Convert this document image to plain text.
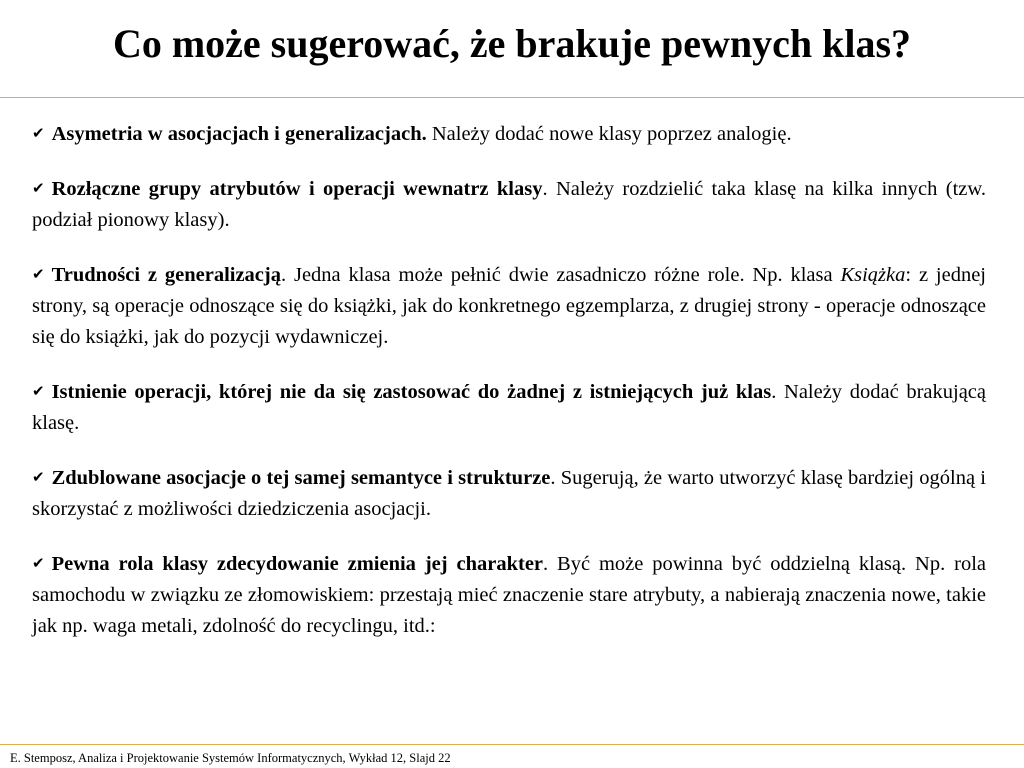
Co może sugerować, że brakuje pewnych klas?

✔ Asymetria w asocjacjach i generalizacjach. Należy dodać nowe klasy poprzez analogię.

✔ Rozłączne grupy atrybutów i operacji wewnatrz klasy. Należy rozdzielić taka klasę na kilka innych (tzw. podział pionowy klasy).

✔ Trudności z generalizacją. Jedna klasa może pełnić dwie zasadniczo różne role. Np. klasa Książka: z jednej strony, są operacje odnoszące się do książki, jak do konkretnego egzemplarza, z drugiej strony - operacje odnoszące się do książki, jak do pozycji wydawniczej.

✔ Istnienie operacji, której nie da się zastosować do żadnej z istniejących już klas. Należy dodać brakującą klasę.

✔ Zdublowane asocjacje o tej samej semantyce i strukturze. Sugerują, że warto utworzyć klasę bardziej ogólną i skorzystać z możliwości dziedziczenia asocjacji.

✔ Pewna rola klasy zdecydowanie zmienia jej charakter. Być może powinna być oddzielną klasą. Np. rola samochodu w związku ze złomowiskiem: przestają mieć znaczenie stare atrybuty, a nabierają znaczenia nowe, takie jak np. waga metali, zdolność do recyclingu, itd.:

E. Stemposz, Analiza i Projektowanie Systemów Informatycznych, Wykład 12, Slajd 22
